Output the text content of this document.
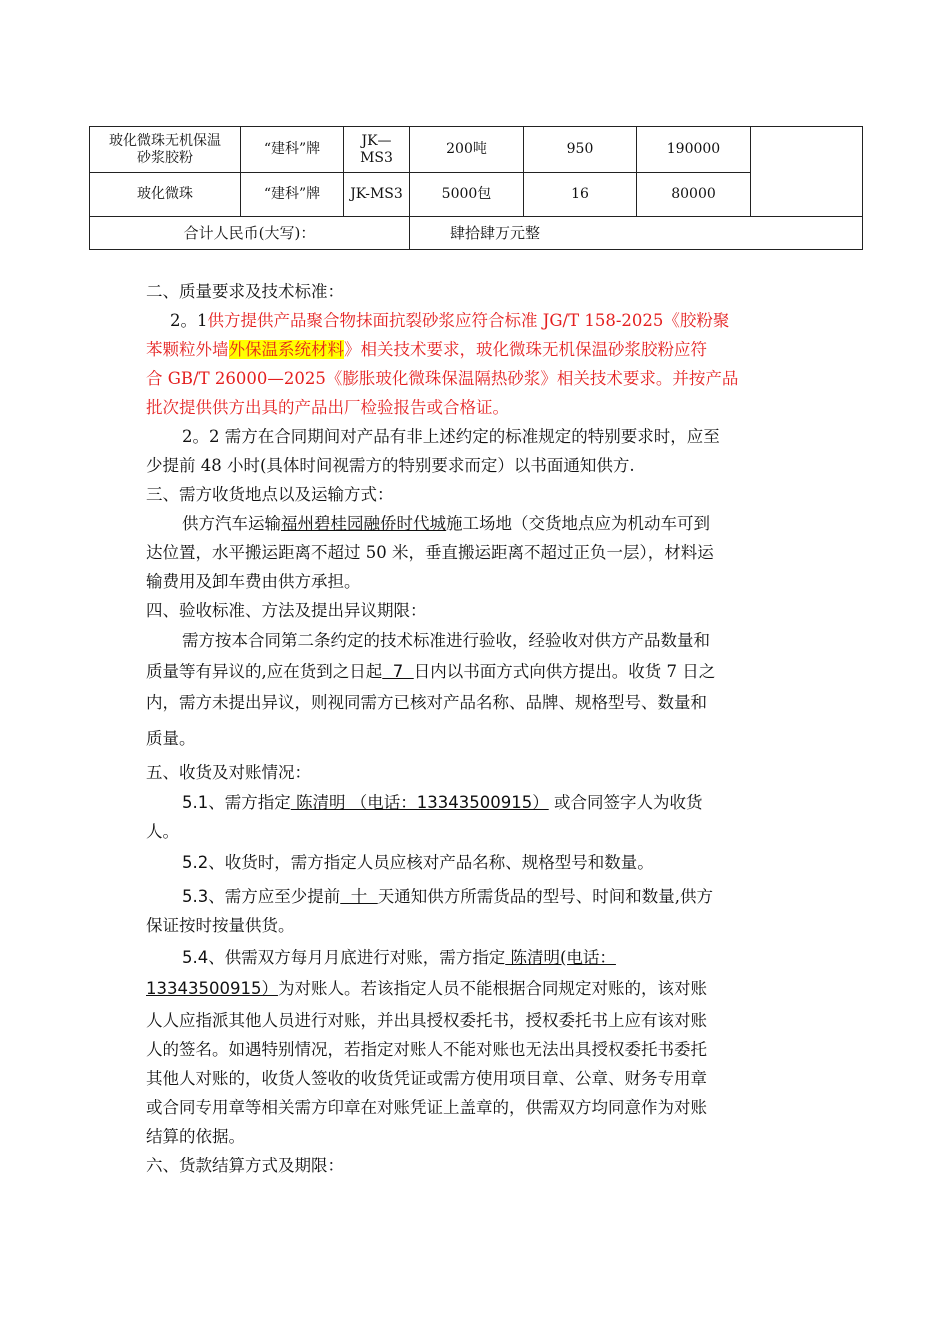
玻化微珠无机保温砂浆胶粉	“建科”牌	JK—MS3	200吨	950	190000	
玻化微珠	“建科”牌	JK-MS3	5000包	16	80000	
合计人民币(大写)：			肆拾肆万元整			

二、质量要求及技术标准：

2。1供方提供产品聚合物抹面抗裂砂浆应符合标准 JG/T 158-2025《胶粉聚

苯颗粒外墙外保温系统材料》相关技术要求，玻化微珠无机保温砂浆胶粉应符

合 GB/T 26000—2025《膨胀玻化微珠保温隔热砂浆》相关技术要求。并按产品

批次提供供方出具的产品出厂检验报告或合格证。

2。2 需方在合同期间对产品有非上述约定的标准规定的特别要求时，应至

少提前 48 小时(具体时间视需方的特别要求而定）以书面通知供方.

三、需方收货地点以及运输方式：

供方汽车运输福州碧桂园融侨时代城施工场地（交货地点应为机动车可到

达位置，水平搬运距离不超过 50 米，垂直搬运距离不超过正负一层），材料运

输费用及卸车费由供方承担。

四、验收标准、方法及提出异议期限：

需方按本合同第二条约定的技术标准进行验收，经验收对供方产品数量和

质量等有异议的,应在货到之日起  7  日内以书面方式向供方提出。收货 7 日之

内，需方未提出异议，则视同需方已核对产品名称、品牌、规格型号、数量和

质量。

五、收货及对账情况：

5.1、需方指定 陈清明 （电话：13343500915） 或合同签字人为收货

人。

5.2、收货时，需方指定人员应核对产品名称、规格型号和数量。

5.3、需方应至少提前  十  天通知供方所需货品的型号、时间和数量,供方

保证按时按量供货。

5.4、供需双方每月月底进行对账，需方指定 陈清明(电话：

13343500915）为对账人。若该指定人员不能根据合同规定对账的，该对账

人人应指派其他人员进行对账，并出具授权委托书，授权委托书上应有该对账

人的签名。如遇特别情况，若指定对账人不能对账也无法出具授权委托书委托

其他人对账的，收货人签收的收货凭证或需方使用项目章、公章、财务专用章

或合同专用章等相关需方印章在对账凭证上盖章的，供需双方均同意作为对账

结算的依据。

六、货款结算方式及期限：
